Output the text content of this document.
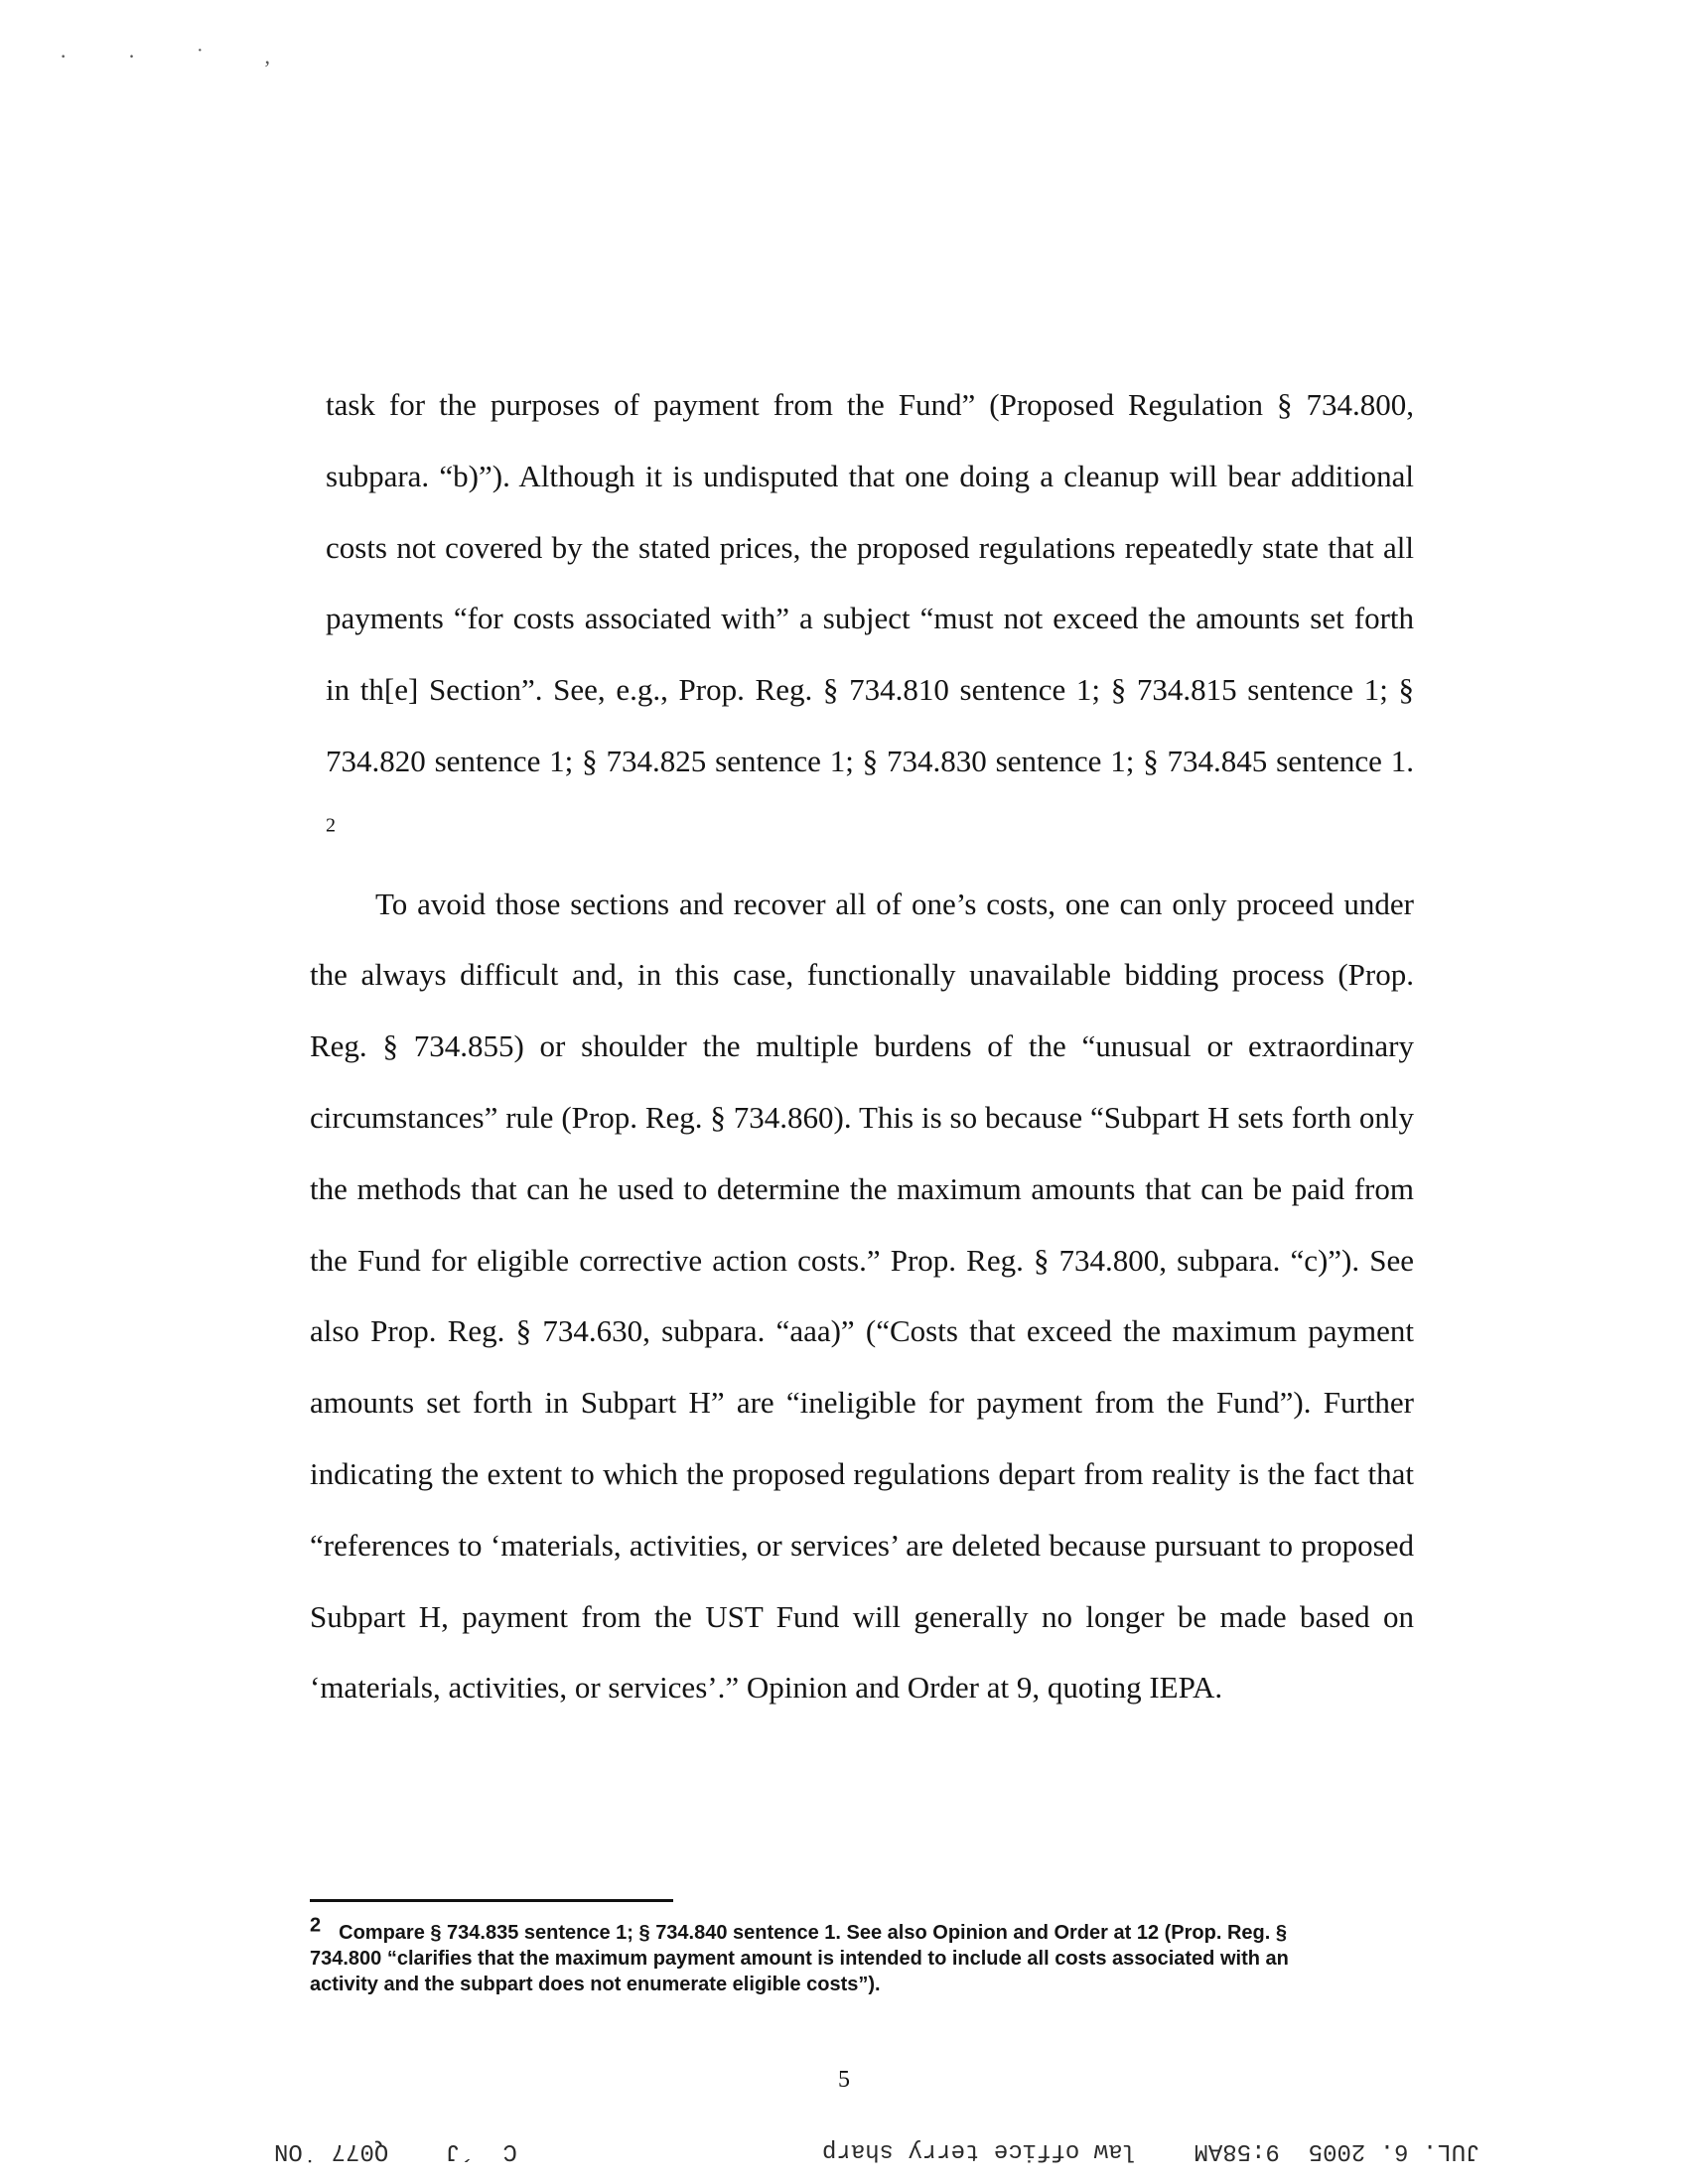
· · ˙ ,

task for the purposes of payment from the Fund” (Proposed Regulation § 734.800, subpara. “b)”). Although it is undisputed that one doing a cleanup will bear additional costs not covered by the stated prices, the proposed regulations repeatedly state that all payments “for costs associated with” a subject “must not exceed the amounts set forth in th[e] Section”. See, e.g., Prop. Reg. § 734.810 sentence 1; § 734.815 sentence 1; § 734.820 sentence 1; § 734.825 sentence 1; § 734.830 sentence 1; § 734.845 sentence 1. $^2$

To avoid those sections and recover all of one’s costs, one can only proceed under the always difficult and, in this case, functionally unavailable bidding process (Prop. Reg. § 734.855) or shoulder the multiple burdens of the “unusual or extraordinary circumstances” rule (Prop. Reg. § 734.860). This is so because “Subpart H sets forth only the methods that can he used to determine the maximum amounts that can be paid from the Fund for eligible corrective action costs.” Prop. Reg. § 734.800, subpara. “c)”). See also Prop. Reg. § 734.630, subpara. “aaa)” (“Costs that exceed the maximum payment amounts set forth in Subpart H” are “ineligible for payment from the Fund”). Further indicating the extent to which the proposed regulations depart from reality is the fact that “references to ‘materials, activities, or services’ are deleted because pursuant to proposed Subpart H, payment from the UST Fund will generally no longer be made based on ‘materials, activities, or services’.” Opinion and Order at 9, quoting IEPA.

$^2$ Compare § 734.835 sentence 1; § 734.840 sentence 1. See also Opinion and Order at 12 (Prop. Reg. § 734.800 “clarifies that the maximum payment amount is intended to include all costs associated with an activity and the subpart does not enumerate eligible costs”).
5
C  ´J    Q077 ˙ON	JUL. 6. 2005  9:58AM    law office terry sharp
